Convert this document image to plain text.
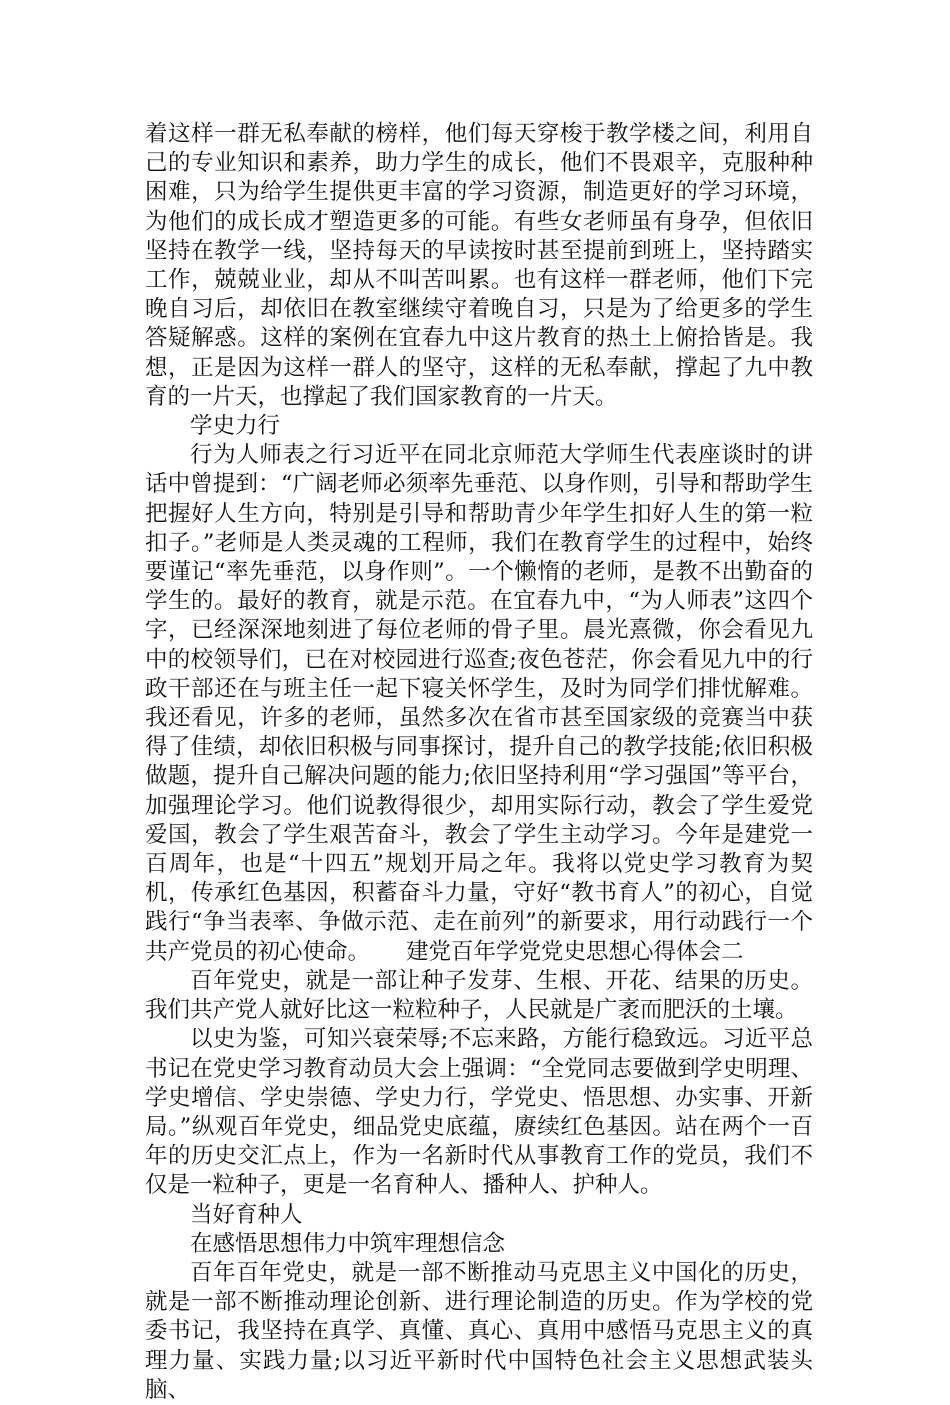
着这样一群无私奉献的榜样，他们每天穿梭于教学楼之间，利用自己的专业知识和素养，助力学生的成长，他们不畏艰辛，克服种种困难，只为给学生提供更丰富的学习资源，制造更好的学习环境，为他们的成长成才塑造更多的可能。有些女老师虽有身孕，但依旧坚持在教学一线，坚持每天的早读按时甚至提前到班上，坚持踏实工作，兢兢业业，却从不叫苦叫累。也有这样一群老师，他们下完晚自习后，却依旧在教室继续守着晚自习，只是为了给更多的学生答疑解惑。这样的案例在宜春九中这片教育的热土上俯拾皆是。我想，正是因为这样一群人的坚守，这样的无私奉献，撑起了九中教育的一片天，也撑起了我们国家教育的一片天。

学史力行

行为人师表之行习近平在同北京师范大学师生代表座谈时的讲话中曾提到：“广阔老师必须率先垂范、以身作则，引导和帮助学生把握好人生方向，特别是引导和帮助青少年学生扣好人生的第一粒扣子。”老师是人类灵魂的工程师，我们在教育学生的过程中，始终要谨记“率先垂范，以身作则”。一个懒惰的老师，是教不出勤奋的学生的。最好的教育，就是示范。在宜春九中，“为人师表”这四个字，已经深深地刻进了每位老师的骨子里。晨光熹微，你会看见九中的校领导们，已在对校园进行巡查;夜色苍茫，你会看见九中的行政干部还在与班主任一起下寝关怀学生，及时为同学们排忧解难。我还看见，许多的老师，虽然多次在省市甚至国家级的竞赛当中获得了佳绩，却依旧积极与同事探讨，提升自己的教学技能;依旧积极做题，提升自己解决问题的能力;依旧坚持利用“学习强国”等平台，加强理论学习。他们说教得很少，却用实际行动，教会了学生爱党爱国，教会了学生艰苦奋斗，教会了学生主动学习。今年是建党一百周年，也是“十四五”规划开局之年。我将以党史学习教育为契机，传承红色基因，积蓄奋斗力量，守好“教书育人”的初心，自觉践行“争当表率、争做示范、走在前列”的新要求，用行动践行一个共产党员的初心使命。 建党百年学党党史思想心得体会二

百年党史，就是一部让种子发芽、生根、开花、结果的历史。我们共产党人就好比这一粒粒种子，人民就是广袤而肥沃的土壤。

以史为鉴，可知兴衰荣辱;不忘来路，方能行稳致远。习近平总书记在党史学习教育动员大会上强调：“全党同志要做到学史明理、学史增信、学史崇德、学史力行，学党史、悟思想、办实事、开新局。”纵观百年党史，细品党史底蕴，赓续红色基因。站在两个一百年的历史交汇点上，作为一名新时代从事教育工作的党员，我们不仅是一粒种子，更是一名育种人、播种人、护种人。

当好育种人

在感悟思想伟力中筑牢理想信念

百年百年党史，就是一部不断推动马克思主义中国化的历史，就是一部不断推动理论创新、进行理论制造的历史。作为学校的党委书记，我坚持在真学、真懂、真心、真用中感悟马克思主义的真理力量、实践力量;以习近平新时代中国特色社会主义思想武装头脑、
